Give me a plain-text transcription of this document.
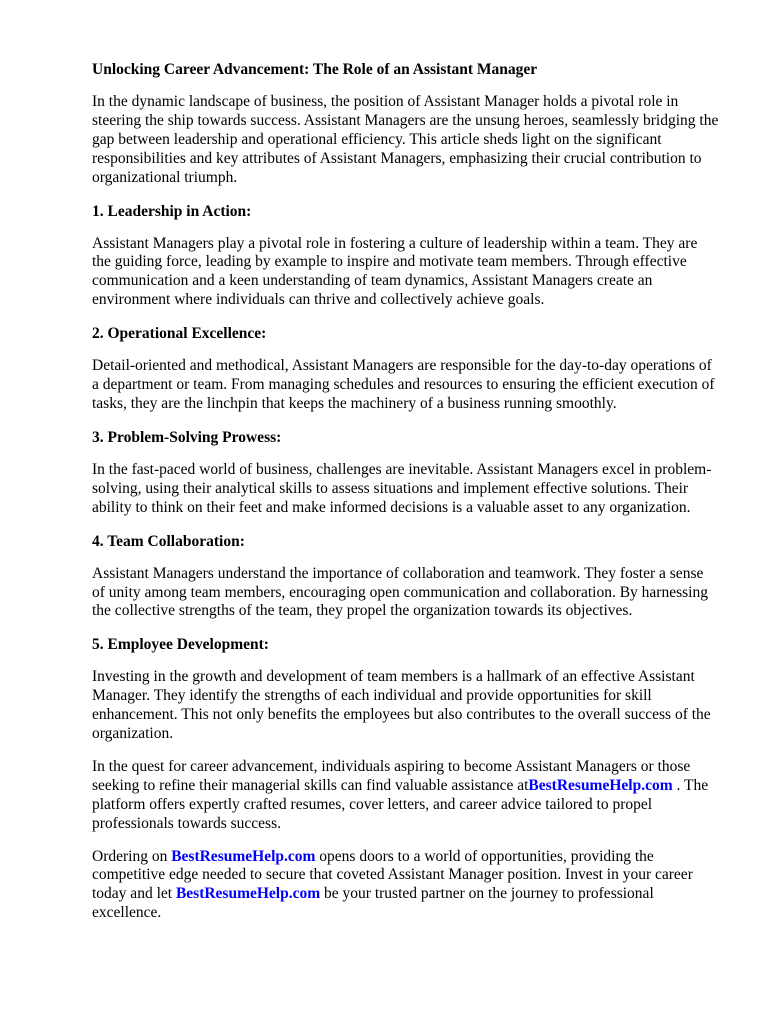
Unlocking Career Advancement: The Role of an Assistant Manager

In the dynamic landscape of business, the position of Assistant Manager holds a pivotal role in steering the ship towards success. Assistant Managers are the unsung heroes, seamlessly bridging the gap between leadership and operational efficiency. This article sheds light on the significant responsibilities and key attributes of Assistant Managers, emphasizing their crucial contribution to organizational triumph.

1. Leadership in Action:

Assistant Managers play a pivotal role in fostering a culture of leadership within a team. They are the guiding force, leading by example to inspire and motivate team members. Through effective communication and a keen understanding of team dynamics, Assistant Managers create an environment where individuals can thrive and collectively achieve goals.

2. Operational Excellence:

Detail-oriented and methodical, Assistant Managers are responsible for the day-to-day operations of a department or team. From managing schedules and resources to ensuring the efficient execution of tasks, they are the linchpin that keeps the machinery of a business running smoothly.

3. Problem-Solving Prowess:

In the fast-paced world of business, challenges are inevitable. Assistant Managers excel in problem-solving, using their analytical skills to assess situations and implement effective solutions. Their ability to think on their feet and make informed decisions is a valuable asset to any organization.

4. Team Collaboration:

Assistant Managers understand the importance of collaboration and teamwork. They foster a sense of unity among team members, encouraging open communication and collaboration. By harnessing the collective strengths of the team, they propel the organization towards its objectives.

5. Employee Development:

Investing in the growth and development of team members is a hallmark of an effective Assistant Manager. They identify the strengths of each individual and provide opportunities for skill enhancement. This not only benefits the employees but also contributes to the overall success of the organization.

In the quest for career advancement, individuals aspiring to become Assistant Managers or those seeking to refine their managerial skills can find valuable assistance atBestResumeHelp.com . The platform offers expertly crafted resumes, cover letters, and career advice tailored to propel professionals towards success.

Ordering on BestResumeHelp.com opens doors to a world of opportunities, providing the competitive edge needed to secure that coveted Assistant Manager position. Invest in your career today and let BestResumeHelp.com be your trusted partner on the journey to professional excellence.
